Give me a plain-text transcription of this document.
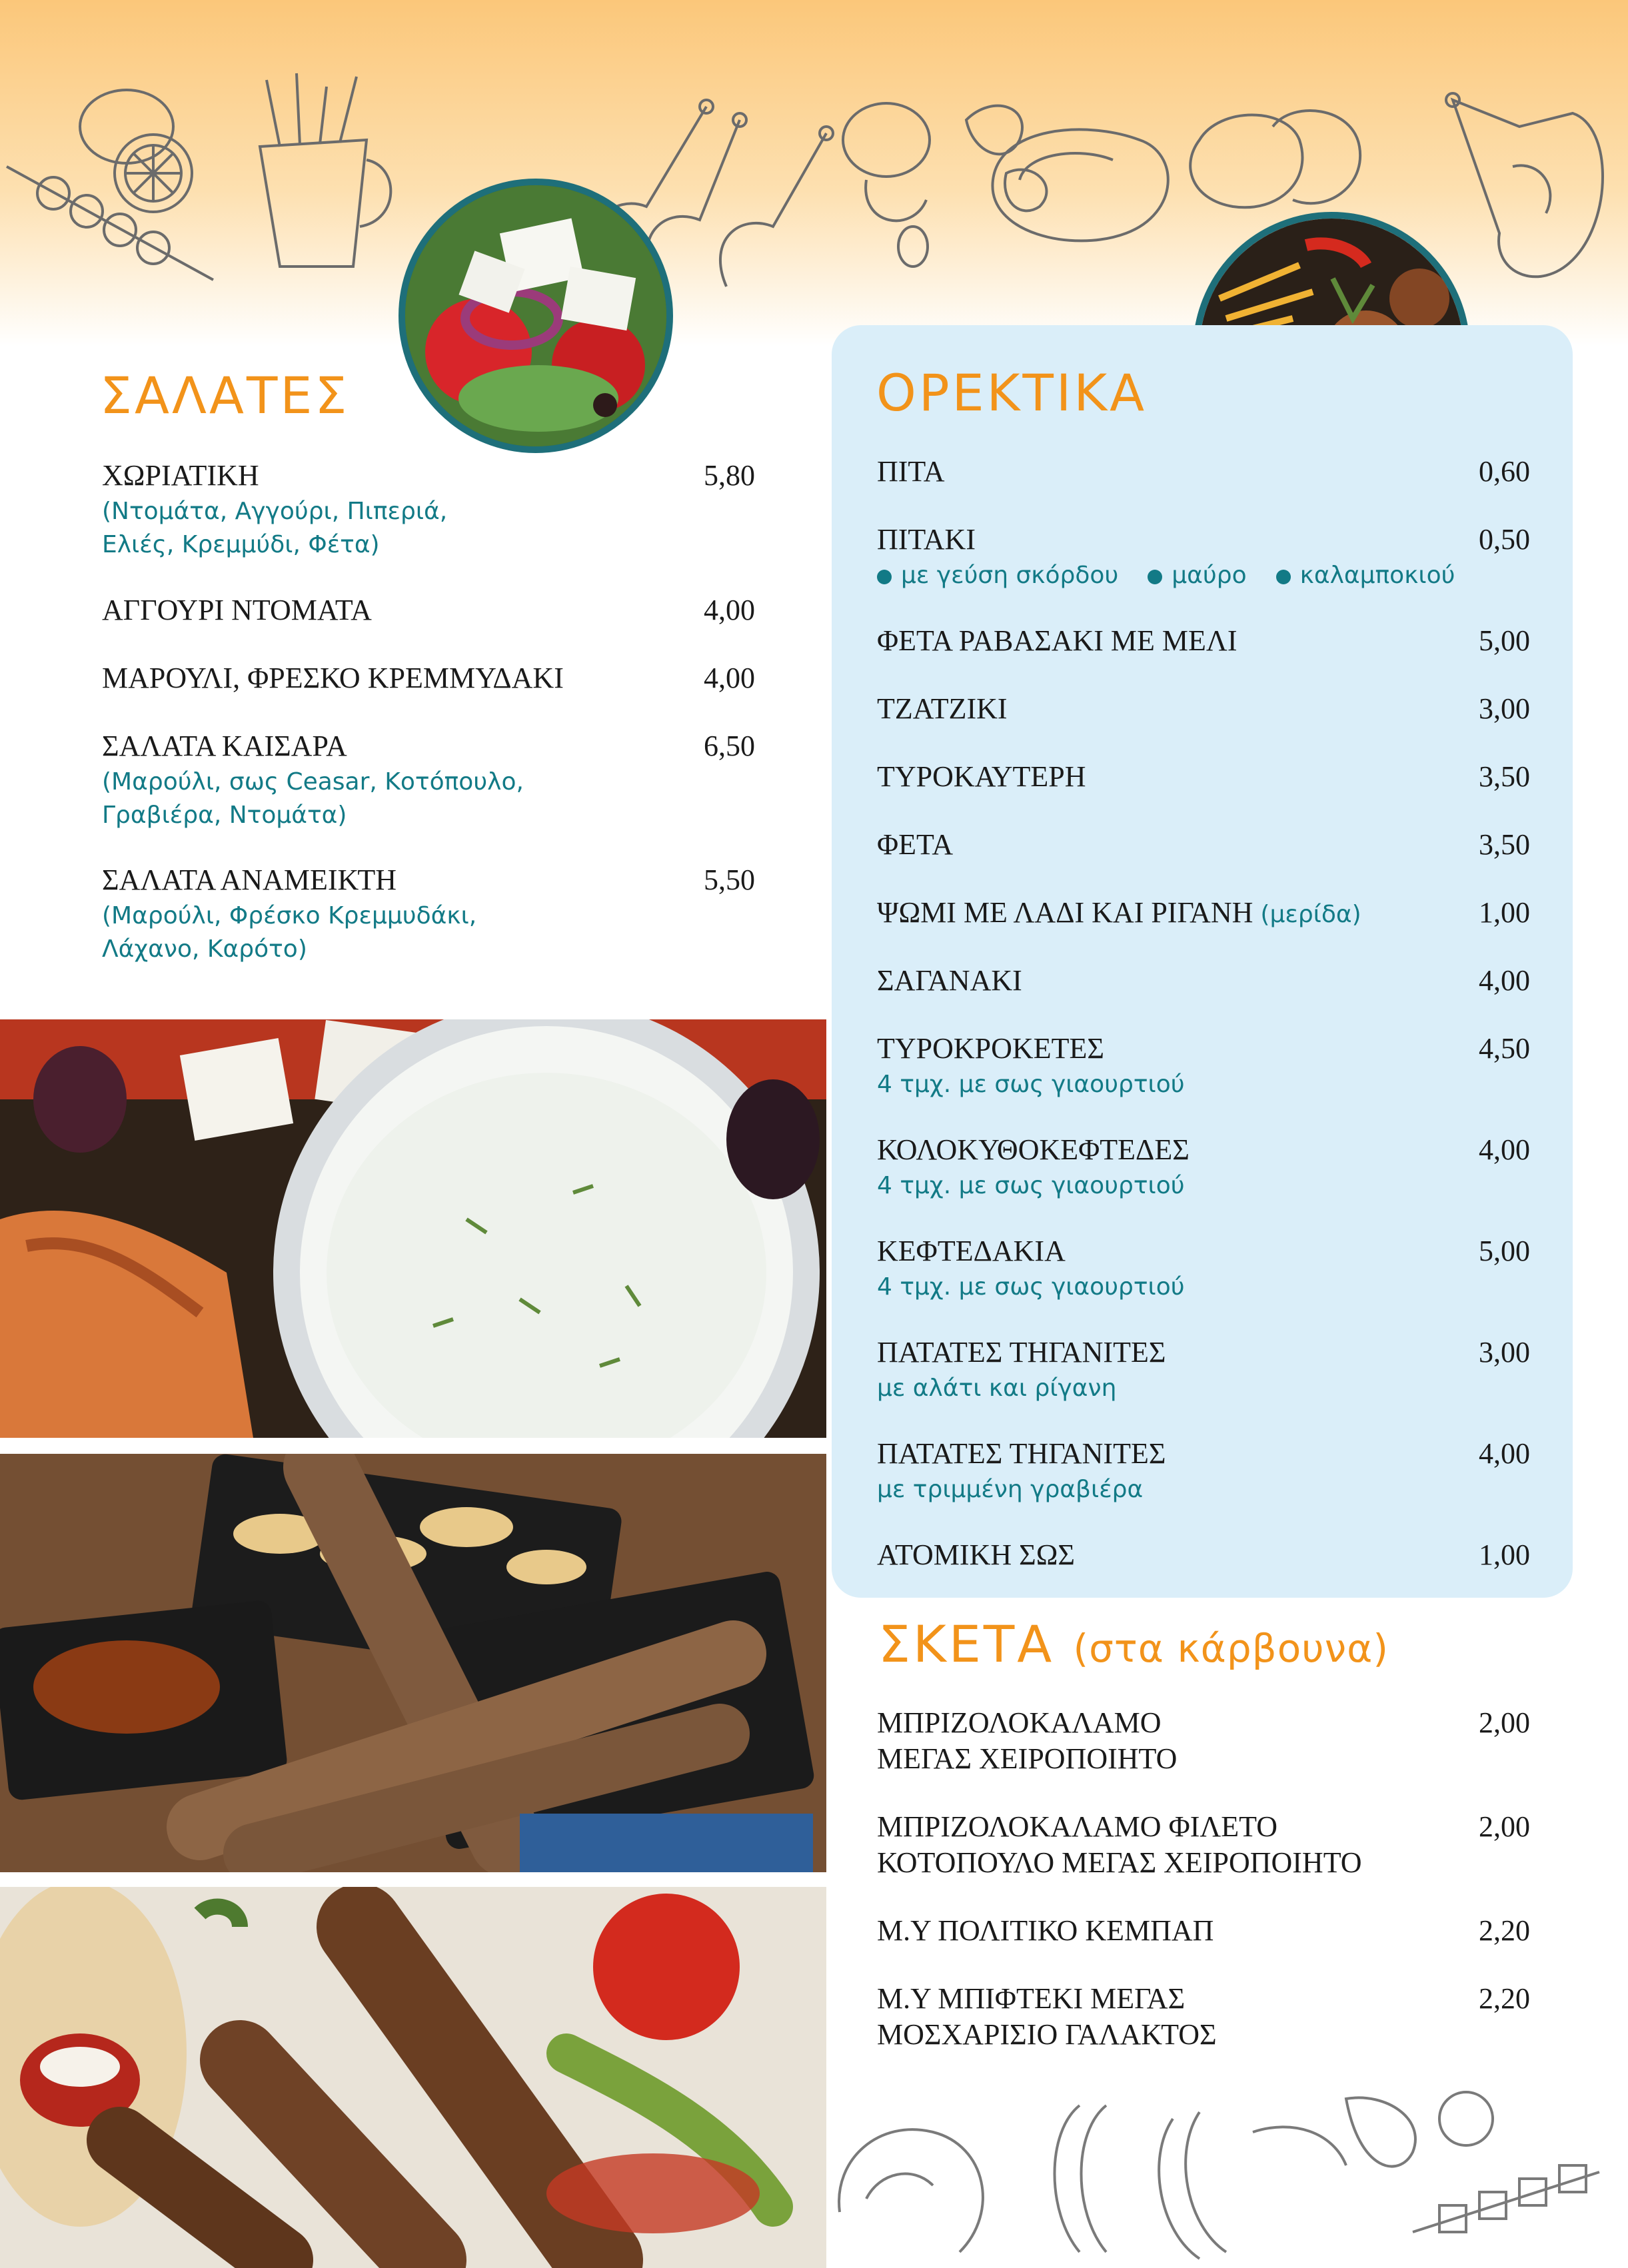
ΣΑΛΑΤΕΣ
ΧΩΡΙΑΤΙΚΗ	5,80
(Ντομάτα, Αγγούρι, Πιπεριά,
Ελιές, Κρεμμύδι, Φέτα)
ΑΓΓΟΥΡΙ ΝΤΟΜΑΤΑ	4,00
ΜΑΡΟΥΛΙ, ΦΡΕΣΚΟ ΚΡΕΜΜΥΔΑΚΙ	4,00
ΣΑΛΑΤΑ ΚΑΙΣΑΡΑ	6,50
(Μαρούλι, σως Ceasar, Κοτόπουλο,
Γραβιέρα, Ντομάτα)
ΣΑΛΑΤΑ ΑΝΑΜΕΙΚΤΗ	5,50
(Μαρούλι, Φρέσκο Κρεμμυδάκι,
Λάχανο, Καρότο)
ΟΡΕΚΤΙΚΑ
ΠΙΤΑ	0,60
ΠΙΤΑΚΙ	0,50
με γεύση σκόρδου μαύρο καλαμποκιού
ΦΕΤΑ ΡΑΒΑΣΑΚΙ ΜΕ ΜΕΛΙ	5,00
ΤΖΑΤΖΙΚΙ	3,00
ΤΥΡΟΚΑΥΤΕΡΗ	3,50
ΦΕΤΑ	3,50
ΨΩΜΙ ΜΕ ΛΑΔΙ ΚΑΙ ΡΙΓΑΝΗ (μερίδα)	1,00
ΣΑΓΑΝΑΚΙ	4,00
ΤΥΡΟΚΡΟΚΕΤΕΣ	4,50
4 τμχ. με σως γιαουρτιού
ΚΟΛΟΚΥΘΟΚΕΦΤΕΔΕΣ	4,00
4 τμχ. με σως γιαουρτιού
ΚΕΦΤΕΔΑΚΙΑ	5,00
4 τμχ. με σως γιαουρτιού
ΠΑΤΑΤΕΣ ΤΗΓΑΝΙΤΕΣ	3,00
με αλάτι και ρίγανη
ΠΑΤΑΤΕΣ ΤΗΓΑΝΙΤΕΣ	4,00
με τριμμένη γραβιέρα
ΑΤΟΜΙΚΗ ΣΩΣ	1,00
ΣΚΕΤΑ (στα κάρβουνα)
ΜΠΡΙΖΟΛΟΚΑΛΑΜΟ
ΜΕΓΑΣ ΧΕΙΡΟΠΟΙΗΤΟ
2,00
ΜΠΡΙΖΟΛΟΚΑΛΑΜΟ ΦΙΛΕΤΟ
ΚΟΤΟΠΟΥΛΟ ΜΕΓΑΣ ΧΕΙΡΟΠΟΙΗΤΟ
2,00
Μ.Υ ΠΟΛΙΤΙΚΟ ΚΕΜΠΑΠ	2,20
Μ.Υ ΜΠΙΦΤΕΚΙ ΜΕΓΑΣ
ΜΟΣΧΑΡΙΣΙΟ ΓΑΛΑΚΤΟΣ
2,20
